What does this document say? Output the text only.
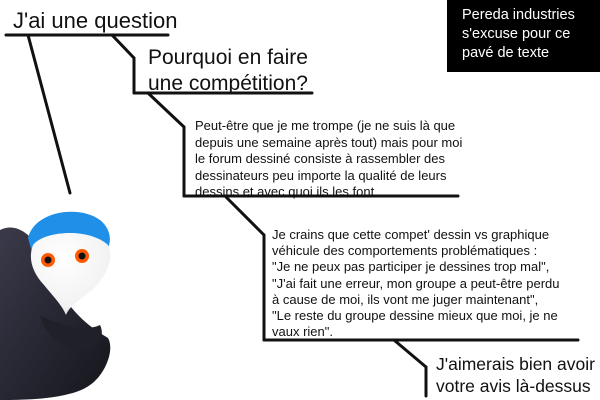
J'ai une question
Pourquoi en faire
une compétition?
Peut-être que je me trompe (je ne suis là que
depuis une semaine après tout) mais pour moi
le forum dessiné consiste à rassembler des
dessinateurs peu importe la qualité de leurs
dessins et avec quoi ils les font
Je crains que cette compet' dessin vs graphique
véhicule des comportements problématiques :
"Je ne peux pas participer je dessines trop mal",
"J'ai fait une erreur, mon groupe a peut-être perdu
à cause de moi, ils vont me juger maintenant",
"Le reste du groupe dessine mieux que moi, je ne
vaux rien".
J'aimerais bien avoir
votre avis là-dessus
Pereda industries
s'excuse pour ce
pavé de texte
